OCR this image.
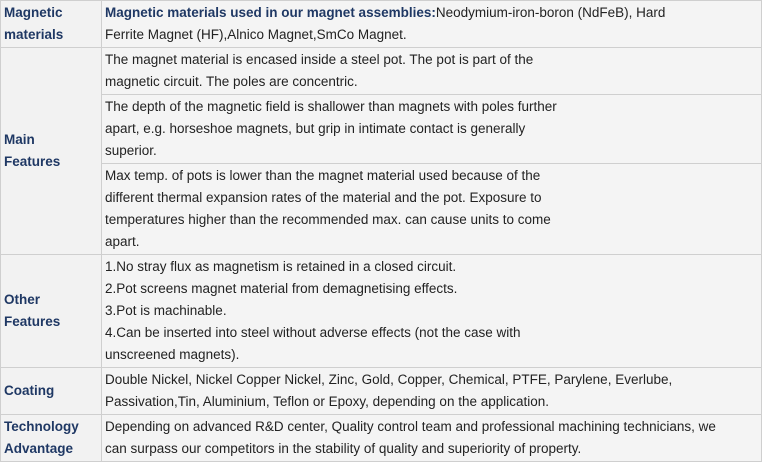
Magnetic
materials	Magnetic materials used in our magnet assemblies:Neodymium-iron-boron (NdFeB), Hard
Ferrite Magnet (HF),Alnico Magnet,SmCo Magnet.

Main
Features	The magnet material is encased inside a steel pot. The pot is part of the
magnetic circuit. The poles are concentric.

	The depth of the magnetic field is shallower than magnets with poles further
apart, e.g. horseshoe magnets, but grip in intimate contact is generally
superior.

	Max temp. of pots is lower than the magnet material used because of the
different thermal expansion rates of the material and the pot. Exposure to
temperatures higher than the recommended max. can cause units to come
apart.

Other
Features	1.No stray flux as magnetism is retained in a closed circuit.
2.Pot screens magnet material from demagnetising effects.
3.Pot is machinable.
4.Can be inserted into steel without adverse effects (not the case with
unscreened magnets).

Coating	Double Nickel, Nickel Copper Nickel, Zinc, Gold, Copper, Chemical, PTFE, Parylene, Everlube,
Passivation,Tin, Aluminium, Teflon or Epoxy, depending on the application.

Technology
Advantage	Depending on advanced R&D center, Quality control team and professional machining technicians, we
can surpass our competitors in the stability of quality and superiority of property.
